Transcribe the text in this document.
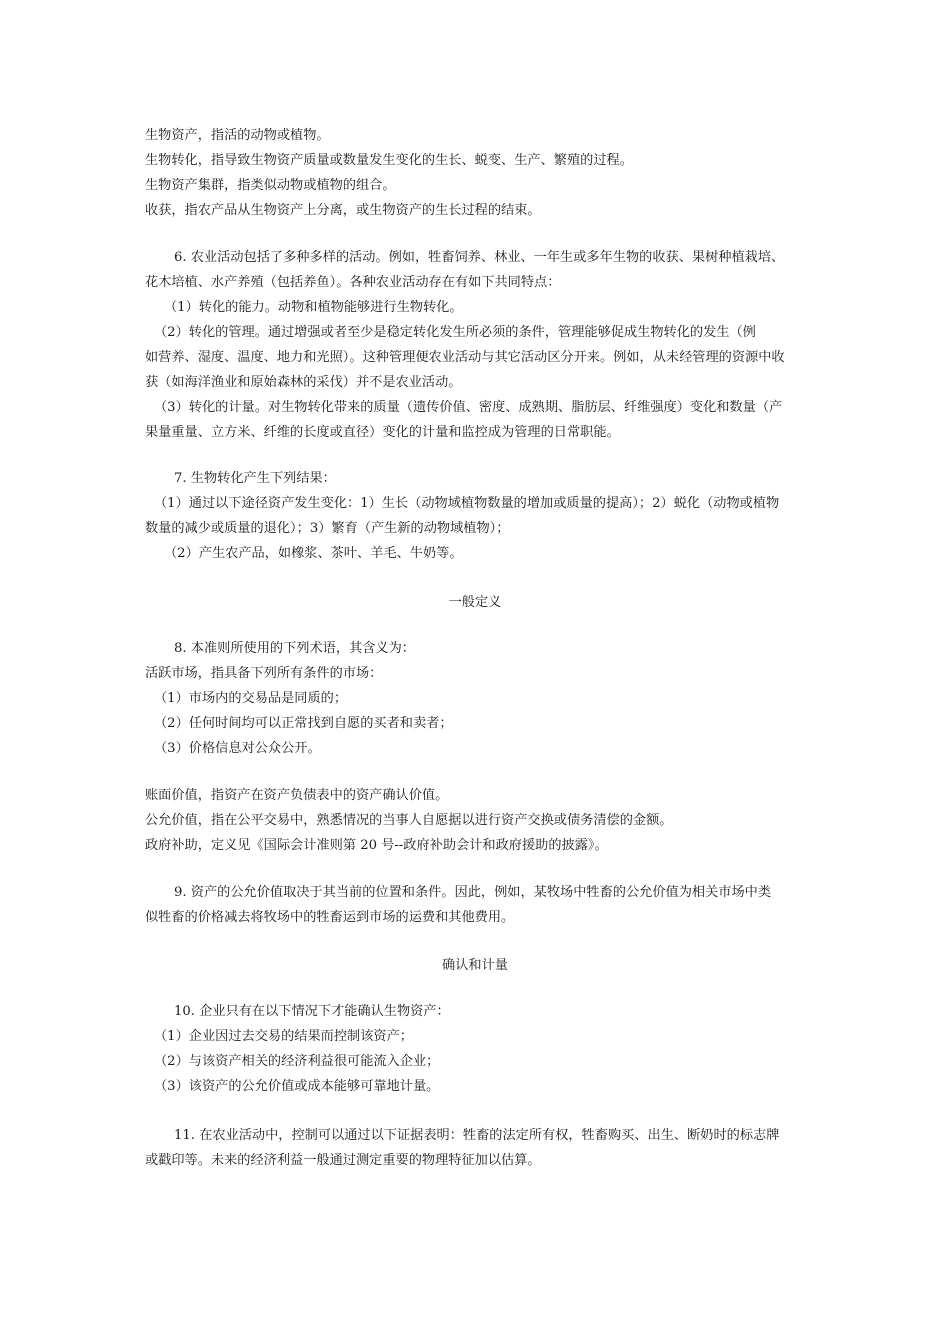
生物资产，指活的动物或植物。
生物转化，指导致生物资产质量或数量发生变化的生长、蜕变、生产、繁殖的过程。
生物资产集群，指类似动物或植物的组合。
收获，指农产品从生物资产上分离，或生物资产的生长过程的结束。
6. 农业活动包括了多种多样的活动。例如，牲畜饲养、林业、一年生或多年生物的收获、果树种植栽培、
花木培植、水产养殖（包括养鱼）。各种农业活动存在有如下共同特点：
（1）转化的能力。动物和植物能够进行生物转化。
（2）转化的管理。通过增强或者至少是稳定转化发生所必须的条件，管理能够促成生物转化的发生（例
如营养、湿度、温度、地力和光照）。这种管理便农业活动与其它活动区分开来。例如，从未经管理的资源中收
获（如海洋渔业和原始森林的采伐）并不是农业活动。
（3）转化的计量。对生物转化带来的质量（遗传价值、密度、成熟期、脂肪层、纤维强度）变化和数量（产
果量重量、立方米、纤维的长度或直径）变化的计量和监控成为管理的日常职能。
7. 生物转化产生下列结果：
（1）通过以下途径资产发生变化：1）生长（动物域植物数量的增加或质量的提高）；2）蜕化（动物或植物
数量的减少或质量的退化）；3）繁育（产生新的动物域植物）；
（2）产生农产品，如橡浆、茶叶、羊毛、牛奶等。
一般定义
8. 本准则所使用的下列术语，其含义为：
活跃市场，指具备下列所有条件的市场：
（1）市场内的交易品是同质的；
（2）任何时间均可以正常找到自愿的买者和卖者；
（3）价格信息对公众公开。
账面价值，指资产在资产负债表中的资产确认价值。
公允价值，指在公平交易中，熟悉情况的当事人自愿据以进行资产交换或债务清偿的金额。
政府补助，定义见《国际会计准则第 20 号--政府补助会计和政府援助的披露》。
9. 资产的公允价值取决于其当前的位置和条件。因此，例如，某牧场中牲畜的公允价值为相关市场中类
似牲畜的价格减去将牧场中的牲畜运到市场的运费和其他费用。
确认和计量
10. 企业只有在以下情况下才能确认生物资产：
（1）企业因过去交易的结果而控制该资产；
（2）与该资产相关的经济利益很可能流入企业；
（3）该资产的公允价值或成本能够可靠地计量。
11. 在农业活动中，控制可以通过以下证据表明：牲畜的法定所有权，牲畜购买、出生、断奶时的标志牌
或戳印等。未来的经济利益一般通过测定重要的物理特征加以估算。
